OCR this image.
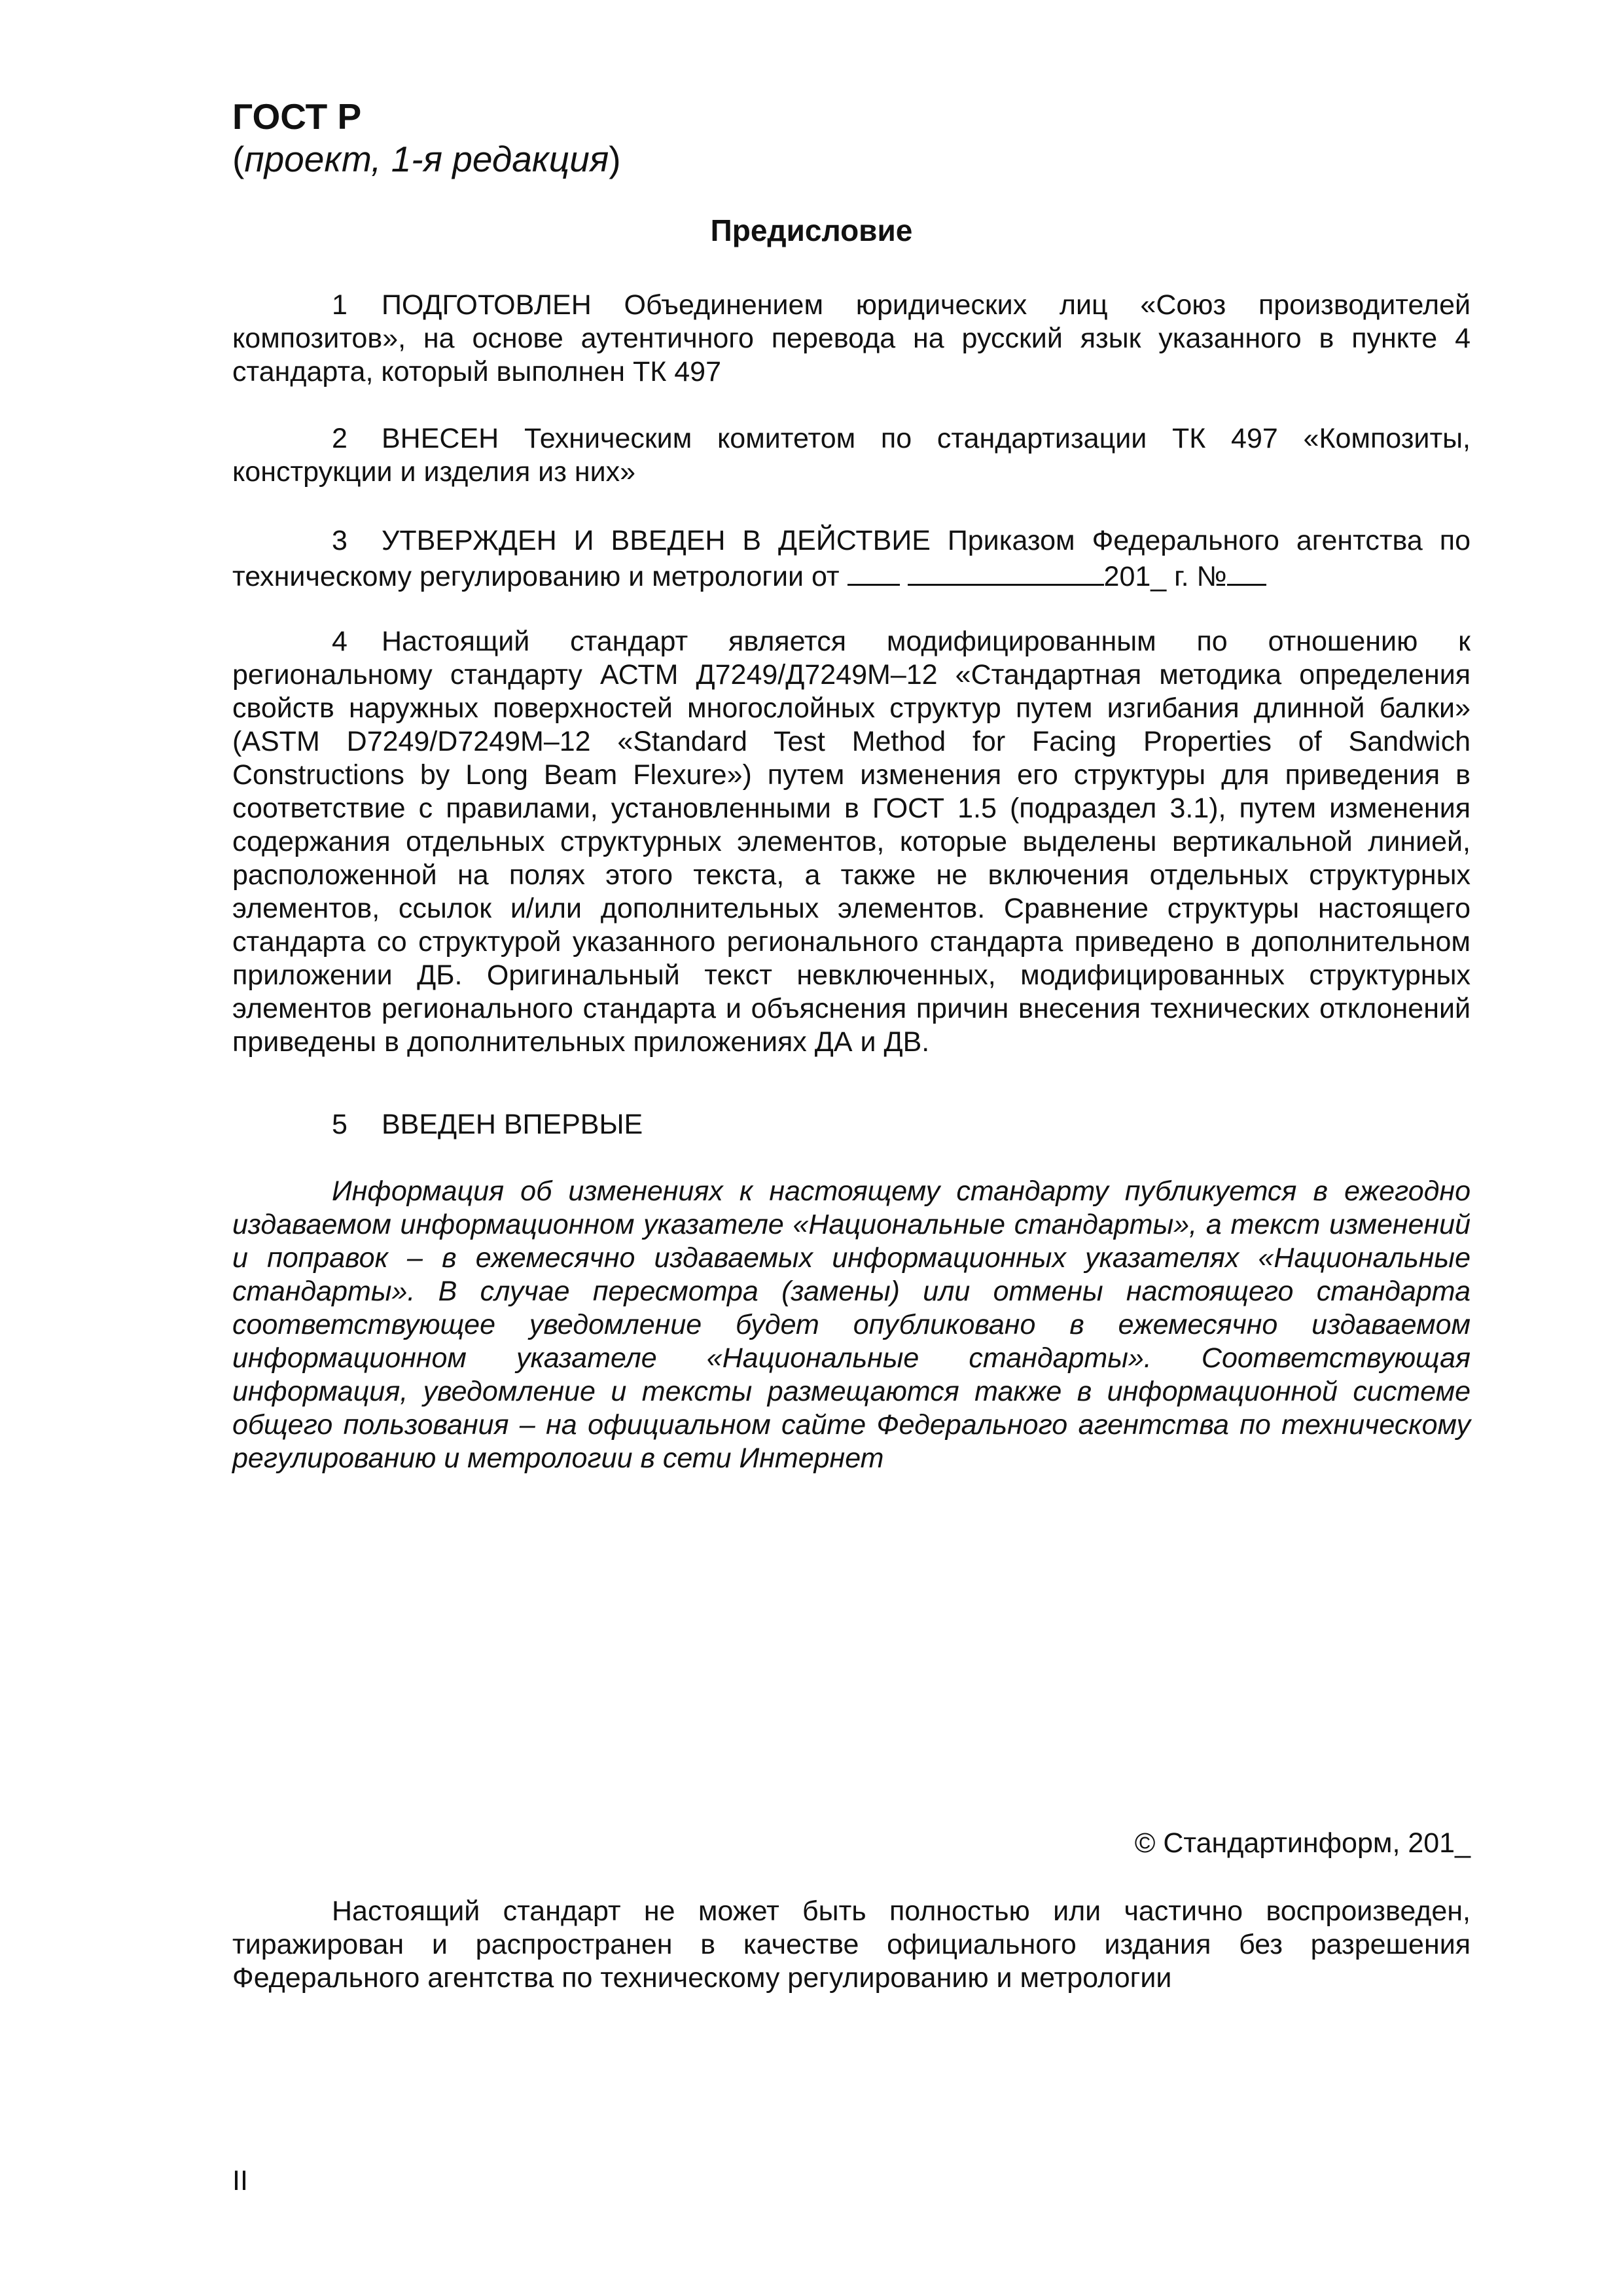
ГОСТ Р
(проект, 1-я редакция)
Предисловие

1 ПОДГОТОВЛЕН Объединением юридических лиц «Союз производителей композитов», на основе аутентичного перевода на русский язык указанного в пункте 4 стандарта, который выполнен ТК 497

2 ВНЕСЕН Техническим комитетом по стандартизации ТК 497 «Композиты, конструкции и изделия из них»

3 УТВЕРЖДЕН И ВВЕДЕН В ДЕЙСТВИЕ Приказом Федерального агентства по техническому регулированию и метрологии от	201_ г. №

4 Настоящий стандарт является модифицированным по отношению к региональному стандарту АСТМ Д7249/Д7249М–12 «Стандартная методика определения свойств наружных поверхностей многослойных структур путем изгибания длинной балки» (ASTM D7249/D7249M–12 «Standard Test Method for Facing Properties of Sandwich Constructions by Long Beam Flexure») путем изменения его структуры для приведения в соответствие с правилами, установленными в ГОСТ 1.5 (подраздел 3.1), путем изменения содержания отдельных структурных элементов, которые выделены вертикальной линией, расположенной на полях этого текста, а также не включения отдельных структурных элементов, ссылок и/или дополнительных элементов. Сравнение структуры настоящего стандарта со структурой указанного регионального стандарта приведено в дополнительном приложении ДБ. Оригинальный текст невключенных, модифицированных структурных элементов регионального стандарта и объяснения причин внесения технических отклонений приведены в дополнительных приложениях ДА и ДВ.

5 ВВЕДЕН ВПЕРВЫЕ

Информация об изменениях к настоящему стандарту публикуется в ежегодно издаваемом информационном указателе «Национальные стандарты», а текст изменений и поправок – в ежемесячно издаваемых информационных указателях «Национальные стандарты». В случае пересмотра (замены) или отмены настоящего стандарта соответствующее уведомление будет опубликовано в ежемесячно издаваемом информационном указателе «Национальные стандарты». Соответствующая информация, уведомление и тексты размещаются также в информационной системе общего пользования – на официальном сайте Федерального агентства по техническому регулированию и метрологии в сети Интернет

© Стандартинформ, 201_

Настоящий стандарт не может быть полностью или частично воспроизведен, тиражирован и распространен в качестве официального издания без разрешения Федерального агентства по техническому регулированию и метрологии

II
